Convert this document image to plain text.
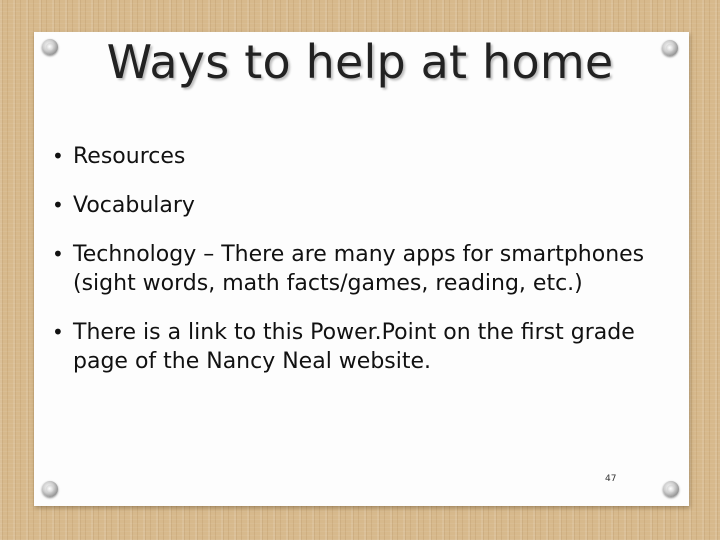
Ways to help at home
• Resources
• Vocabulary
• Technology – There are many apps for smartphones (sight words, math facts/games, reading, etc.)
• There is a link to this Power.Point on the first grade page of the Nancy Neal website.
47
